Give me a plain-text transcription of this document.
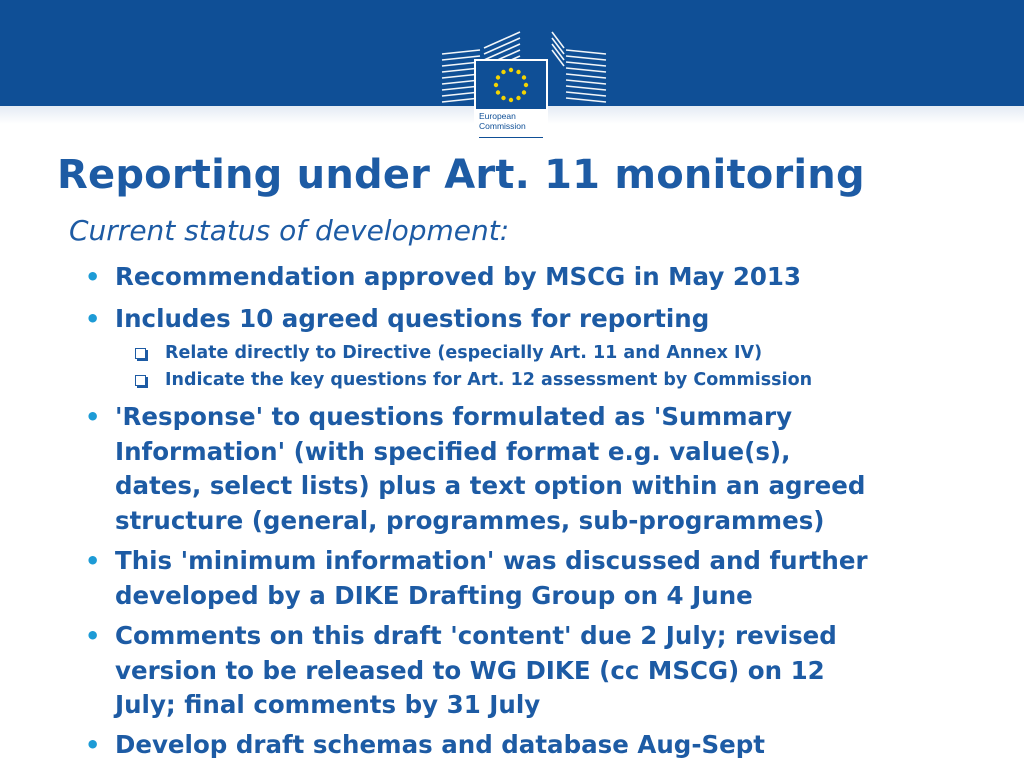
European
Commission
Reporting under Art. 11 monitoring

Current status of development:

• Recommendation approved by MSCG in May 2013
• Includes 10 agreed questions for reporting
Relate directly to Directive (especially Art. 11 and Annex IV)
Indicate the key questions for Art. 12 assessment by Commission
• 'Response' to questions formulated as 'Summary
Information' (with specified format e.g. value(s),
dates, select lists) plus a text option within an agreed
structure (general, programmes, sub-programmes)
• This 'minimum information' was discussed and further
developed by a DIKE Drafting Group on 4 June
• Comments on this draft 'content' due 2 July; revised
version to be released to WG DIKE (cc MSCG) on 12
July; final comments by 31 July
• Develop draft schemas and database Aug-Sept
